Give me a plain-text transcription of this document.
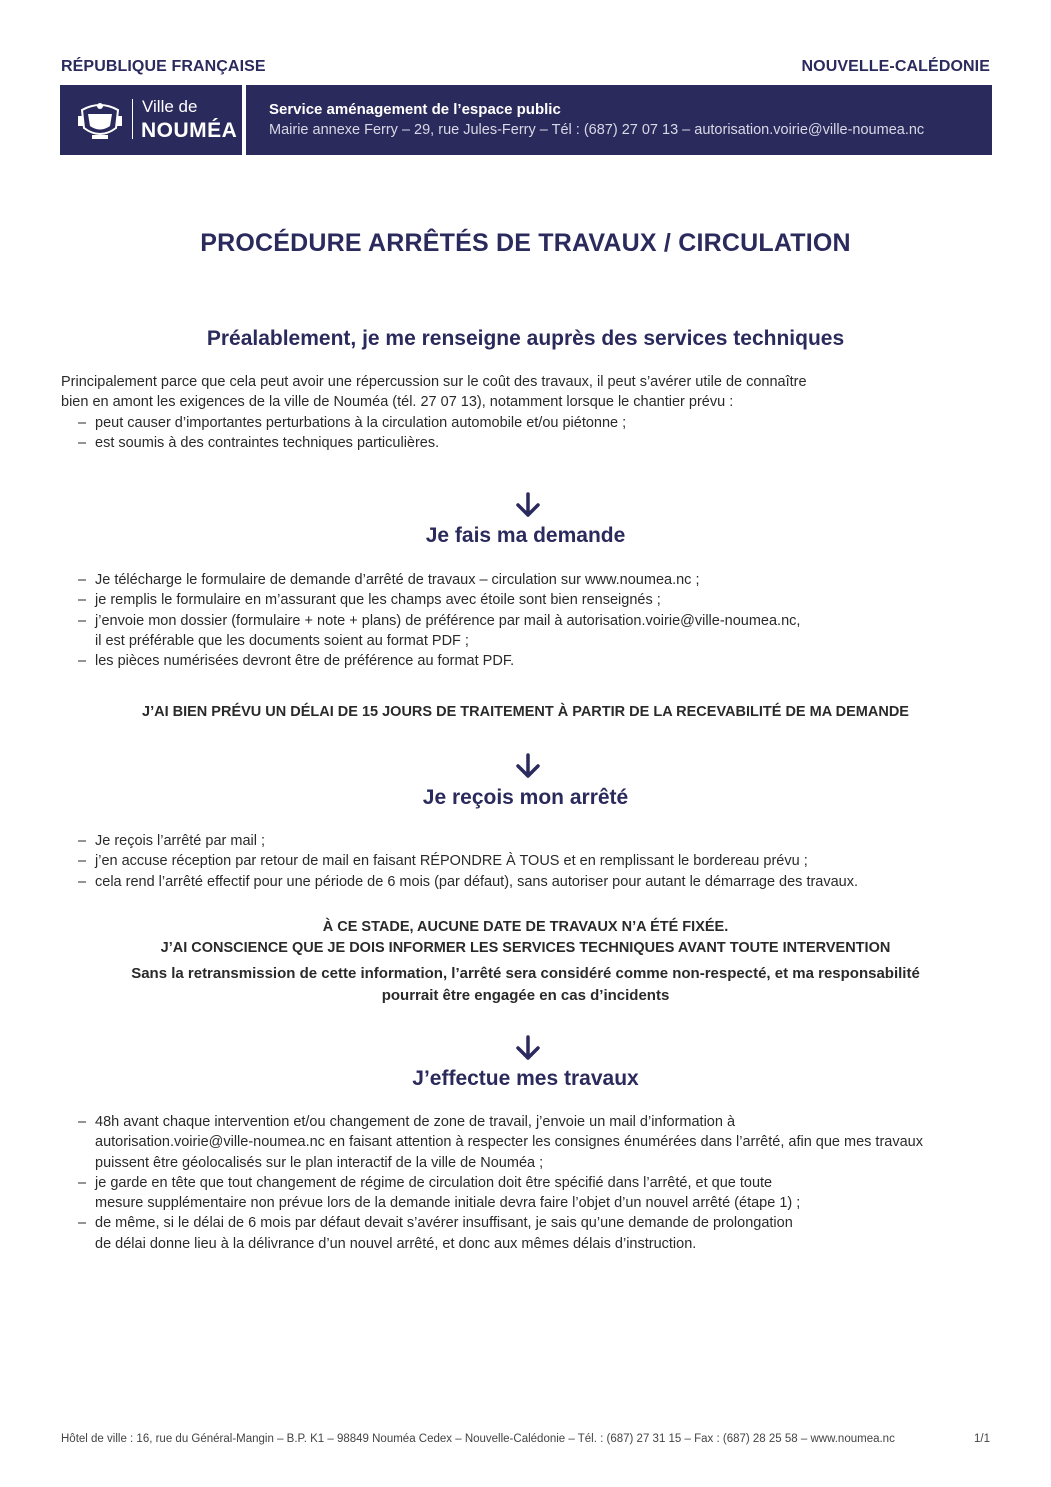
RÉPUBLIQUE FRANÇAISE	NOUVELLE-CALÉDONIE
Ville de
NOUMÉA
Service aménagement de l’espace public
Mairie annexe Ferry – 29, rue Jules-Ferry – Tél : (687) 27 07 13 – autorisation.voirie@ville-noumea.nc
PROCÉDURE ARRÊTÉS DE TRAVAUX / CIRCULATION
Préalablement, je me renseigne auprès des services techniques

Principalement parce que cela peut avoir une répercussion sur le coût des travaux, il peut s’avérer utile de connaître

bien en amont les exigences de la ville de Nouméa (tél. 27 07 13), notamment lorsque le chantier prévu :

– peut causer d’importantes perturbations à la circulation automobile et/ou piétonne ;
– est soumis à des contraintes techniques particulières.
Je fais ma demande
– Je télécharge le formulaire de demande d’arrêté de travaux – circulation sur www.noumea.nc ;
– je remplis le formulaire en m’assurant que les champs avec étoile sont bien renseignés ;
– j’envoie mon dossier (formulaire + note + plans) de préférence par mail à autorisation.voirie@ville-noumea.nc,
il est préférable que les documents soient au format PDF ;
– les pièces numérisées devront être de préférence au format PDF.
J’AI BIEN PRÉVU UN DÉLAI DE 15 JOURS DE TRAITEMENT À PARTIR DE LA RECEVABILITÉ DE MA DEMANDE
Je reçois mon arrêté
– Je reçois l’arrêté par mail ;
– j’en accuse réception par retour de mail en faisant RÉPONDRE À TOUS et en remplissant le bordereau prévu ;
– cela rend l’arrêté effectif pour une période de 6 mois (par défaut), sans autoriser pour autant le démarrage des travaux.
À CE STADE, AUCUNE DATE DE TRAVAUX N’A ÉTÉ FIXÉE.
J’AI CONSCIENCE QUE JE DOIS INFORMER LES SERVICES TECHNIQUES AVANT TOUTE INTERVENTION
Sans la retransmission de cette information, l’arrêté sera considéré comme non-respecté, et ma responsabilité
pourrait être engagée en cas d’incidents
J’effectue mes travaux
– 48h avant chaque intervention et/ou changement de zone de travail, j’envoie un mail d’information à
autorisation.voirie@ville-noumea.nc en faisant attention à respecter les consignes énumérées dans l’arrêté, afin que mes travaux
puissent être géolocalisés sur le plan interactif de la ville de Nouméa ;
– je garde en tête que tout changement de régime de circulation doit être spécifié dans l’arrêté, et que toute
mesure supplémentaire non prévue lors de la demande initiale devra faire l’objet d’un nouvel arrêté (étape 1) ;
– de même, si le délai de 6 mois par défaut devait s’avérer insuffisant, je sais qu’une demande de prolongation
de délai donne lieu à la délivrance d’un nouvel arrêté, et donc aux mêmes délais d’instruction.
Hôtel de ville : 16, rue du Général-Mangin – B.P. K1 – 98849 Nouméa Cedex – Nouvelle-Calédonie – Tél. : (687) 27 31 15 – Fax : (687) 28 25 58 – www.noumea.nc	1/1
